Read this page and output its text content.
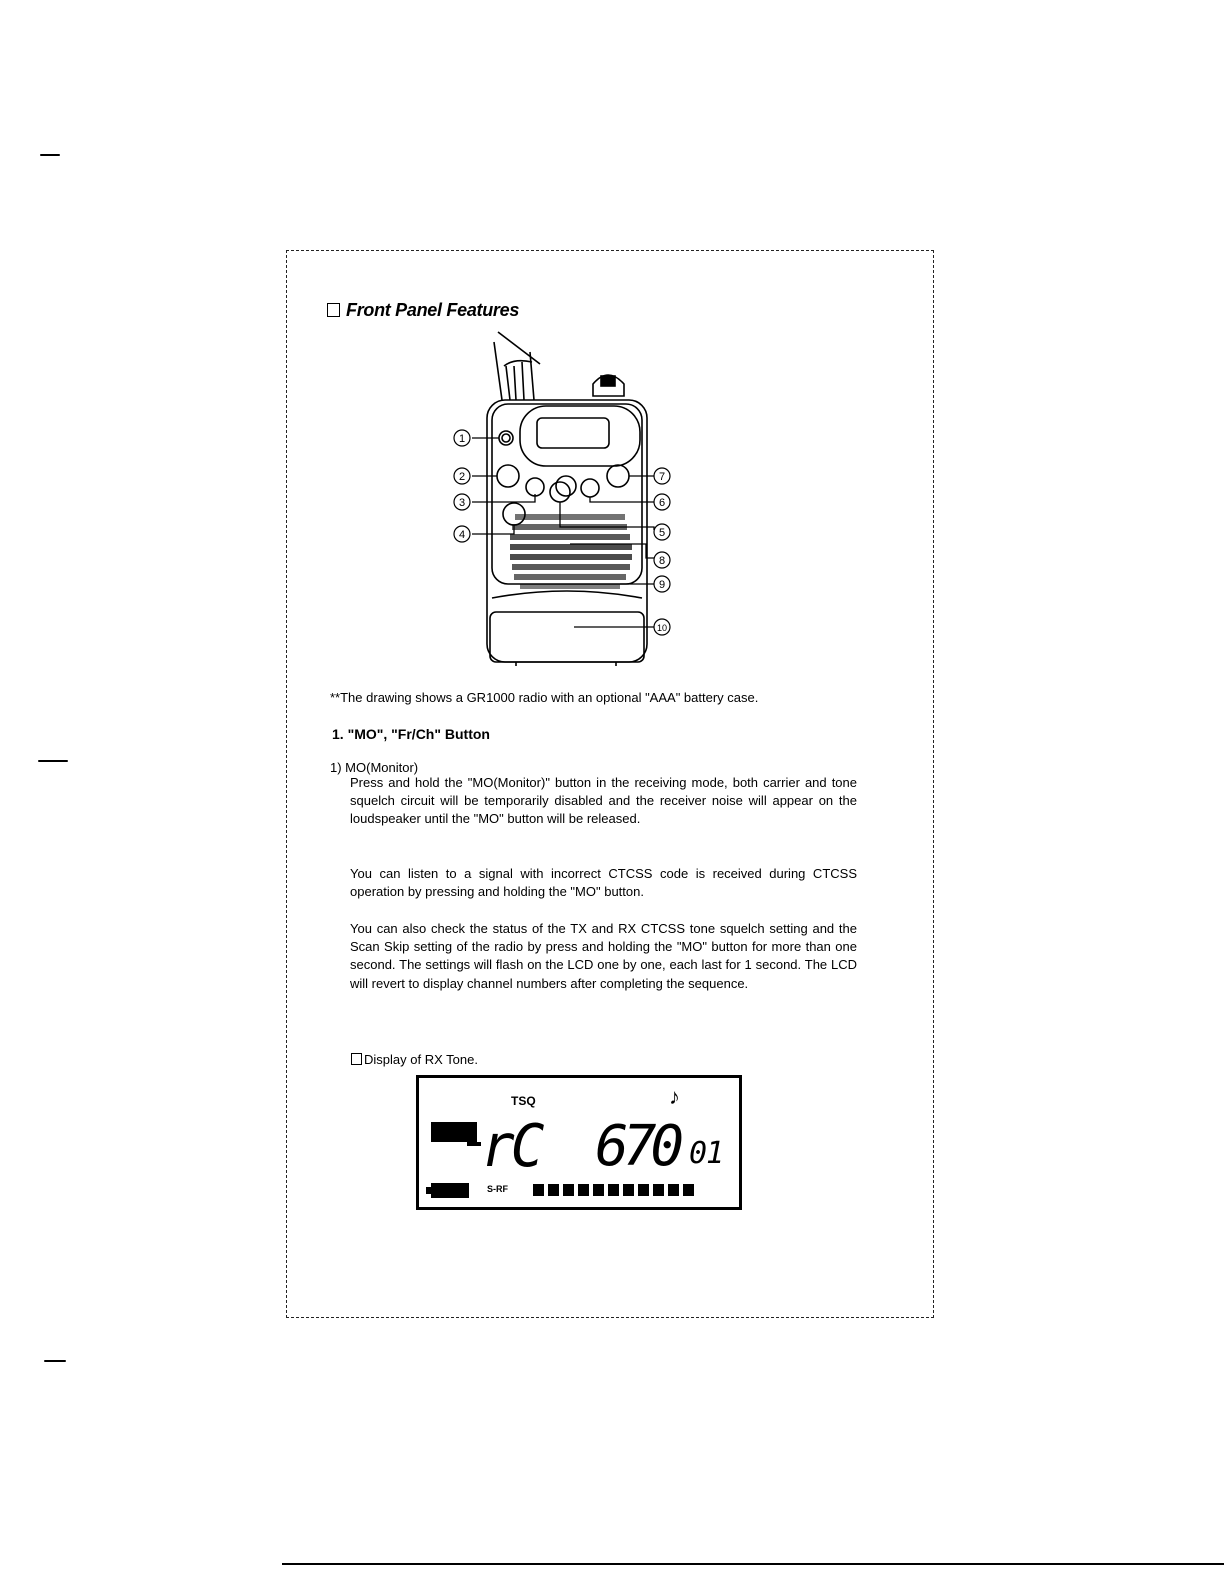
Front Panel Features
1
2
3
4	5
6
7
8
9
10
**The drawing shows a GR1000 radio with an optional "AAA" battery case.
1. "MO", "Fr/Ch" Button
1) MO(Monitor)
Press and hold the "MO(Monitor)" button in the receiving mode, both carrier and tone squelch circuit will be temporarily disabled and the receiver noise will appear on the loudspeaker until the "MO" button will be released.
You can listen to a signal with incorrect CTCSS code is received during CTCSS operation by pressing and holding the "MO" button.
You can also check the status of the TX and RX CTCSS tone squelch setting and the Scan Skip setting of the radio by press and holding the "MO" button for more than one second. The settings will flash on the LCD one by one, each last for 1 second. The LCD will revert to display channel numbers after completing the sequence.
Display of RX Tone.
TSQ	♪
rC 670 01
S-RF
